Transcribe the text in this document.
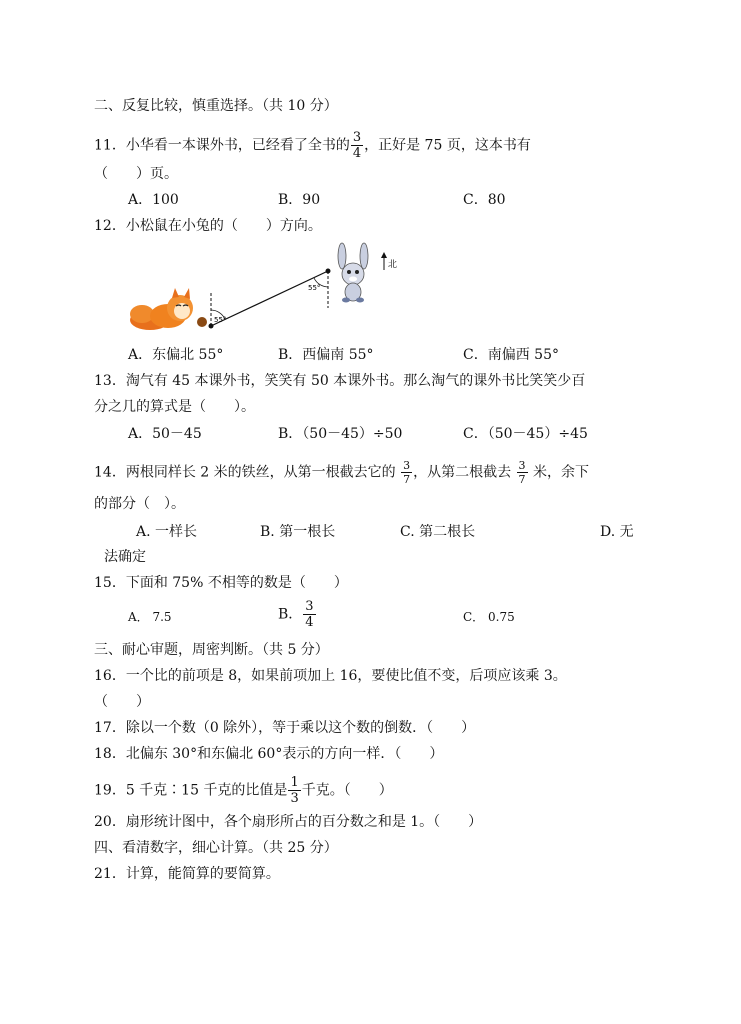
二、反复比较，慎重选择。（共 10 分）
11．小华看一本课外书，已经看了全书的 $\frac{3}{4}$ ，正好是 75 页，这本书有
（　　）页。
A．100	B．90	C．80
12．小松鼠在小兔的（　　）方向。
55°
55°
北
A．东偏北 55°	B．西偏南 55°	C．南偏西 55°
13．淘气有 45 本课外书，笑笑有 50 本课外书。那么淘气的课外书比笑笑少百
分之几的算式是（　　）。
A．50－45	B．（50－45）÷50	C．（50－45）÷45
14．两根同样长 2 米的铁丝，从第一根截去它的 $\frac{3}{7}$ ，从第二根截去 $\frac{3}{7}$ 米，余下
的部分（　）。
A. 一样长	B. 第一根长	C. 第二根长	D. 无
法确定
15．下面和 75% 不相等的数是（　　）
A． 7.5	B． $\frac{3}{4}$	C． 0.75
三、耐心审题，周密判断。（共 5 分）
16．一个比的前项是 8，如果前项加上 16，要使比值不变，后项应该乘 3。
（　　）
17．除以一个数（0 除外），等于乘以这个数的倒数．（　　）
18．北偏东 30°和东偏北 60°表示的方向一样．（　　）
19．5 千克∶15 千克的比值是 $\frac{1}{3}$ 千克。（　　）
20．扇形统计图中，各个扇形所占的百分数之和是 1。（　　）
四、看清数字，细心计算。（共 25 分）
21．计算，能简算的要简算。
